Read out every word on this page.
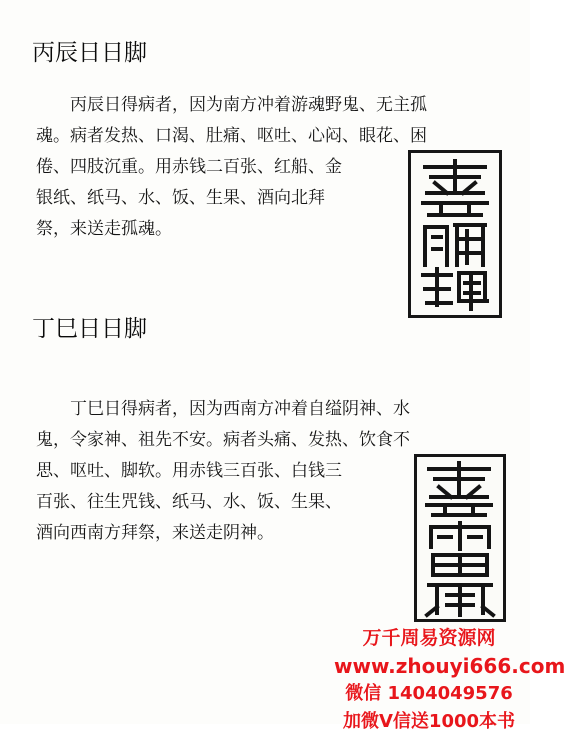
丙辰日日脚
丙辰日得病者，因为南方冲着游魂野鬼、无主孤
魂。病者发热、口渴、肚痛、呕吐、心闷、眼花、困
倦、四肢沉重。用赤钱二百张、红船、金
银纸、纸马、水、饭、生果、酒向北拜
祭，来送走孤魂。
丁巳日日脚
丁巳日得病者，因为西南方冲着自缢阴神、水
鬼，令家神、祖先不安。病者头痛、发热、饮食不
思、呕吐、脚软。用赤钱三百张、白钱三
百张、往生咒钱、纸马、水、饭、生果、
酒向西南方拜祭，来送走阴神。
万千周易资源网
www.zhouyi666.com
微信 1404049576
加微V信送1000本书
